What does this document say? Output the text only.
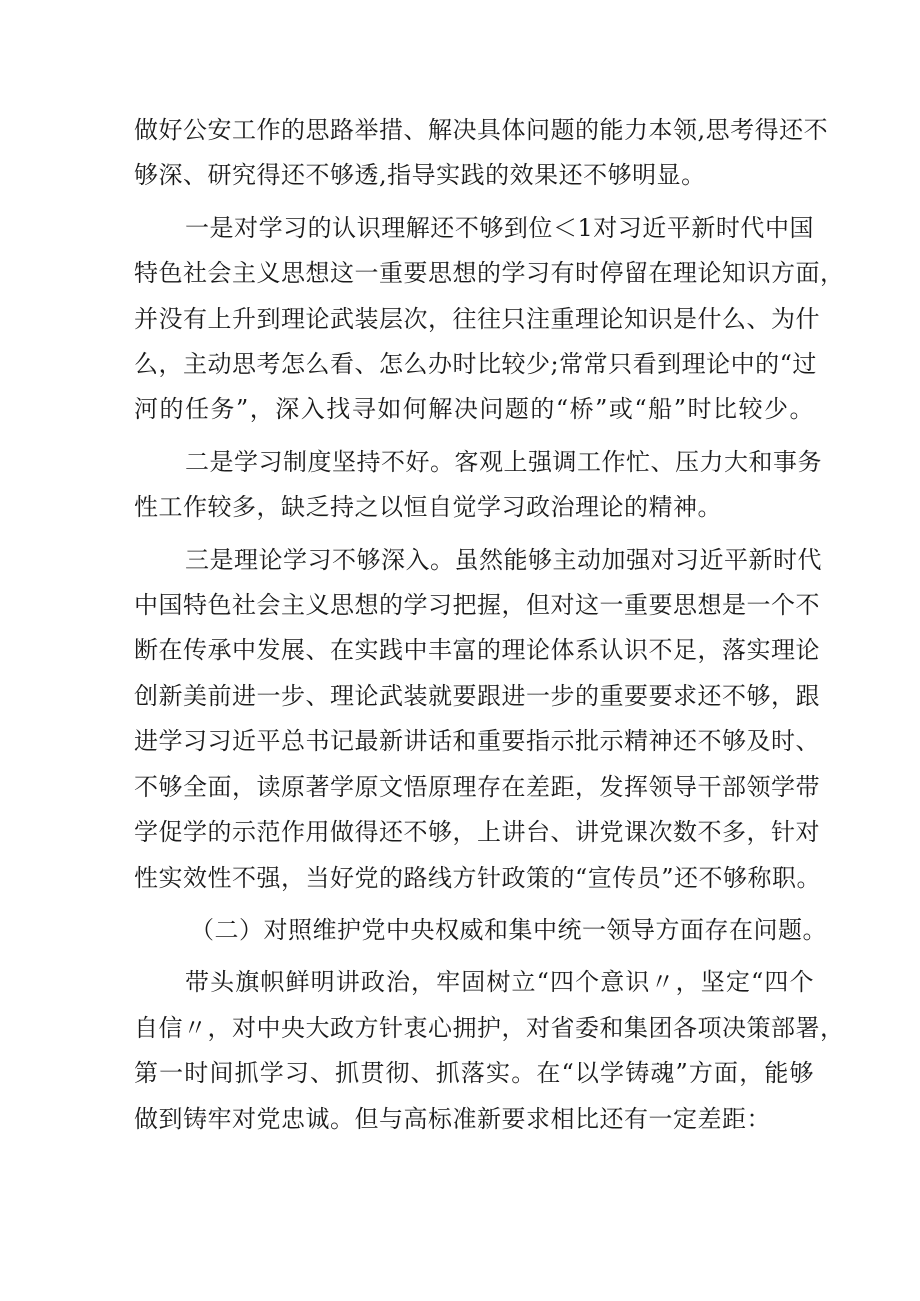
做好公安工作的思路举措、解决具体问题的能力本领,思考得还不
够深、研究得还不够透,指导实践的效果还不够明显。
一是对学习的认识理解还不够到位＜1对习近平新时代中国
特色社会主义思想这一重要思想的学习有时停留在理论知识方面，
并没有上升到理论武装层次，往往只注重理论知识是什么、为什
么，主动思考怎么看、怎么办时比较少;常常只看到理论中的“过
河的任务”，深入找寻如何解决问题的“桥”或“船”时比较少。
二是学习制度坚持不好。客观上强调工作忙、压力大和事务
性工作较多，缺乏持之以恒自觉学习政治理论的精神。
三是理论学习不够深入。虽然能够主动加强对习近平新时代
中国特色社会主义思想的学习把握，但对这一重要思想是一个不
断在传承中发展、在实践中丰富的理论体系认识不足，落实理论
创新美前进一步、理论武装就要跟进一步的重要要求还不够，跟
进学习习近平总书记最新讲话和重要指示批示精神还不够及时、
不够全面，读原著学原文悟原理存在差距，发挥领导干部领学带
学促学的示范作用做得还不够，上讲台、讲党课次数不多，针对
性实效性不强，当好党的路线方针政策的“宣传员”还不够称职。
（二）对照维护党中央权威和集中统一领导方面存在问题。
带头旗帜鲜明讲政治，牢固树立“四个意识〃，坚定“四个
自信〃，对中央大政方针衷心拥护，对省委和集团各项决策部署，
第一时间抓学习、抓贯彻、抓落实。在“以学铸魂”方面，能够
做到铸牢对党忠诚。但与高标准新要求相比还有一定差距：
